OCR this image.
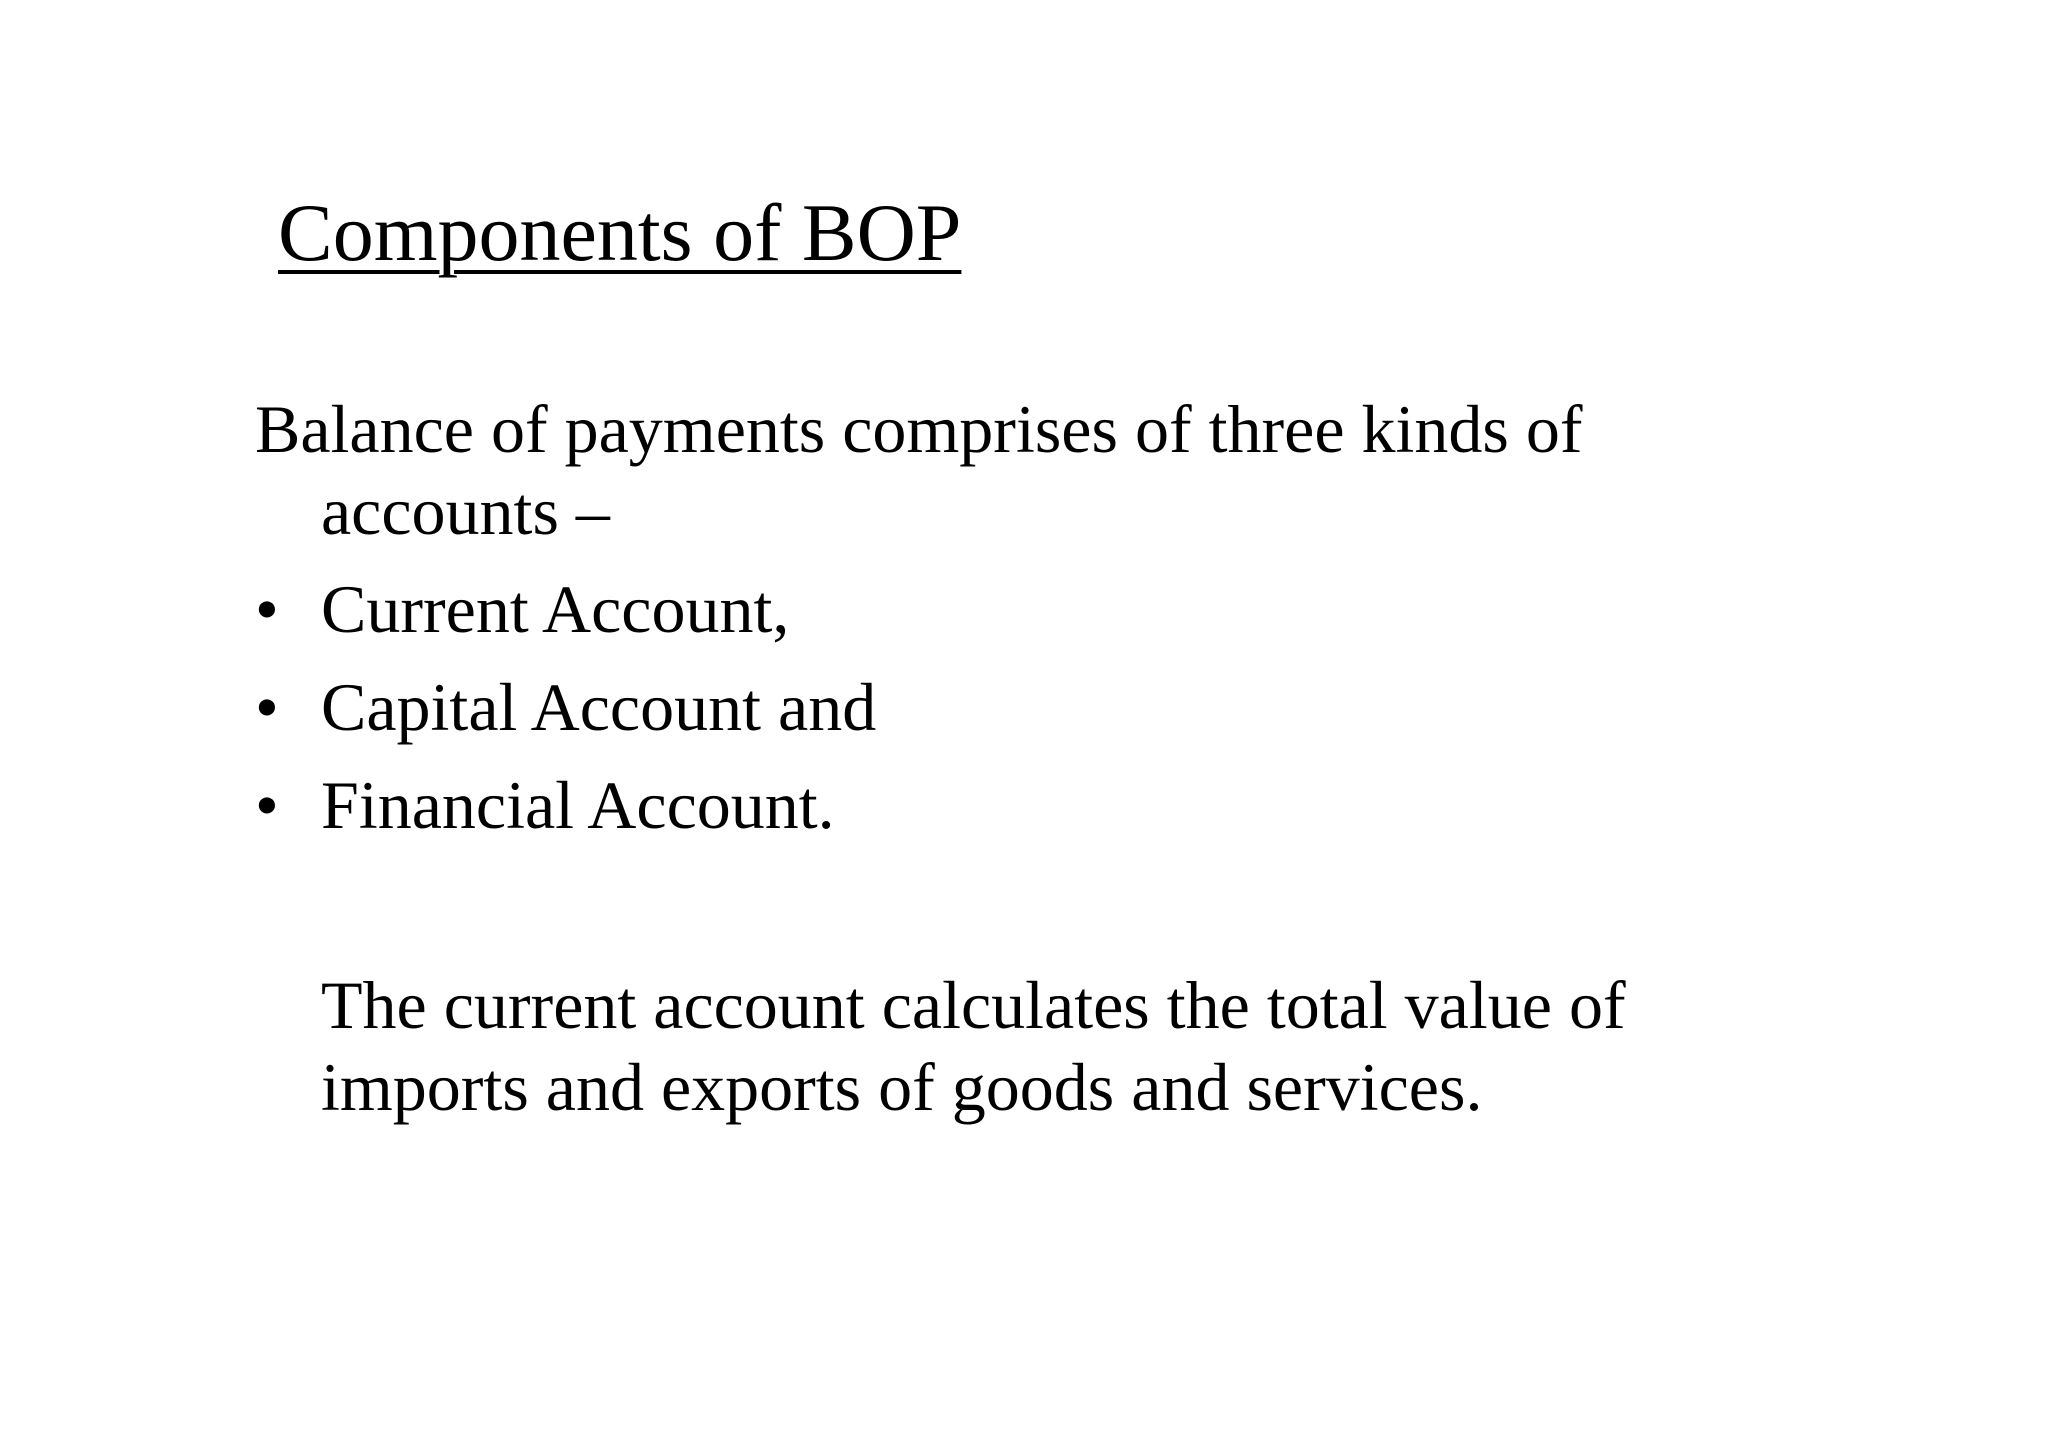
Components of BOP

Balance of payments comprises of three kinds of accounts –

• Current Account,
• Capital Account and
• Financial Account.

The current account calculates the total value of imports and exports of goods and services.
